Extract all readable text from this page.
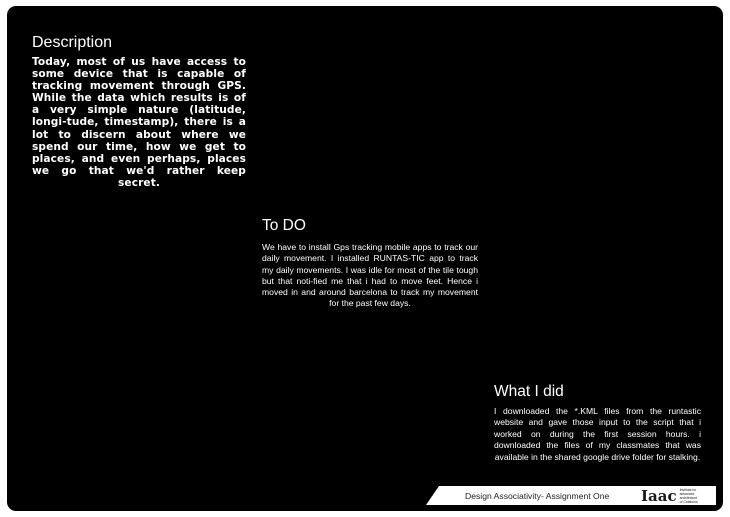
Description

Today, most of us have access to some device that is capable of tracking movement through GPS. While the data which results is of a very simple nature (latitude, longi-tude, timestamp), there is a lot to discern about where we spend our time, how we get to places, and even perhaps, places we go that we'd rather keep secret.

To DO

We have to install Gps tracking mobile apps to track our daily movement. I installed RUNTAS-TIC app to track my daily movements. I was idle for most of the tile tough but that noti-fied me that i had to move feet. Hence i moved in and around barcelona to track my movement for the past few days.

What I did

I downloaded the *.KML files from the runtastic website and gave those input to the script that i worked on during the first session hours. i downloaded the files of my classmates that was available in the shared google drive folder for stalking.

Design Associativity- Assignment One Iaac Institute for
advanced
architecture
of Catalonia
